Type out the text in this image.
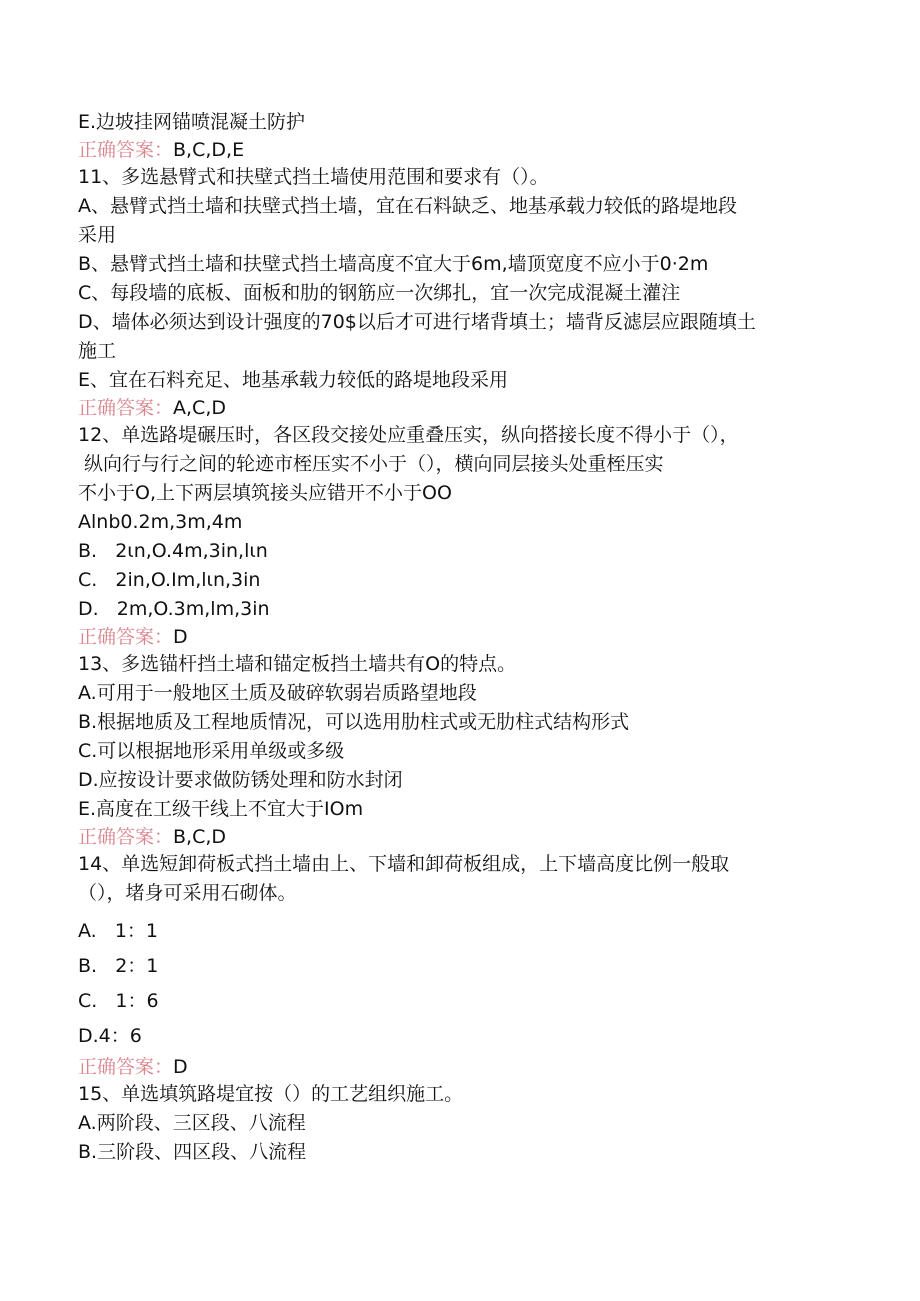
E.边坡挂网锚喷混凝土防护
正确答案：B,C,D,E
11、多选悬臂式和扶壁式挡土墙使用范围和要求有（）。
A、悬臂式挡土墙和扶壁式挡土墙，宜在石料缺乏、地基承载力较低的路堤地段
采用
B、悬臂式挡土墙和扶壁式挡土墙高度不宜大于6m,墙顶宽度不应小于0·2m
C、每段墙的底板、面板和肋的钢筋应一次绑扎，宜一次完成混凝土灌注
D、墙体必须达到设计强度的70$以后才可进行堵背填土；墙背反滤层应跟随填土
施工
E、宜在石料充足、地基承载力较低的路堤地段采用
正确答案：A,C,D
12、单选路堤碾压时，各区段交接处应重叠压实，纵向搭接长度不得小于（），
纵向行与行之间的轮迹市桎压实不小于（），横向同层接头处重桎压实
不小于O,上下两层填筑接头应错开不小于OO
Alnb0.2m,3m,4m
B.   2ιn,O.4m,3in,lιn
C.   2in,O.Im,lιn,3in
D.   2m,O.3m,lm,3in
正确答案：D
13、多选锚杆挡土墙和锚定板挡土墙共有O的特点。
A.可用于一般地区土质及破碎软弱岩质路望地段
B.根据地质及工程地质情况，可以选用肋柱式或无肋柱式结构形式
C.可以根据地形采用单级或多级
D.应按设计要求做防锈处理和防水封闭
E.高度在工级干线上不宜大于IOm
正确答案：B,C,D
14、单选短卸荷板式挡土墙由上、下墙和卸荷板组成，上下墙高度比例一般取
（），堵身可采用石砌体。
A.   1：1
B.   2：1
C.   1：6
D.4：6
正确答案：D
15、单选填筑路堤宜按（）的工艺组织施工。
A.两阶段、三区段、八流程
B.三阶段、四区段、八流程
